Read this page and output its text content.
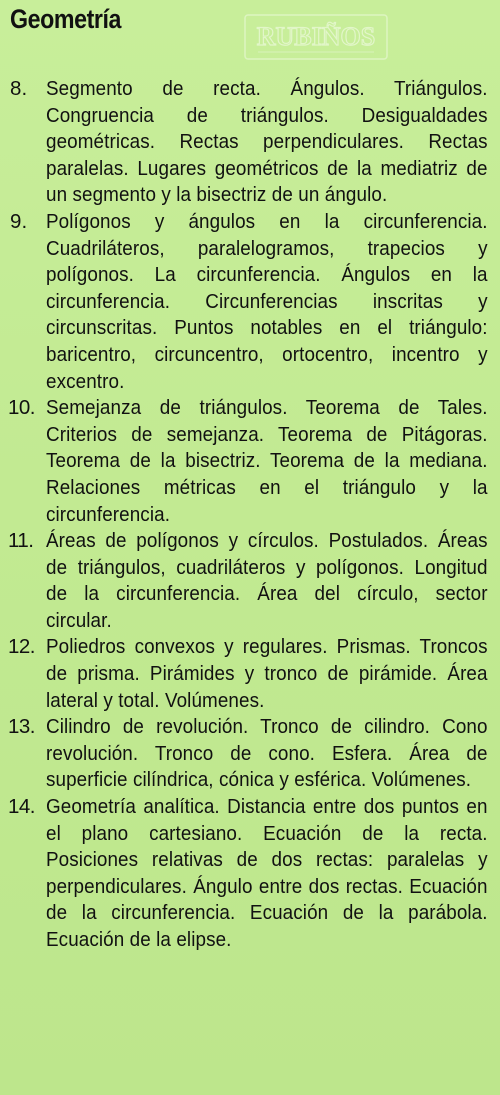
Geometría
RUBIÑOS
8. Segmento de recta. Ángulos. Triángulos. Congruencia de triángulos. Desigualdades geométricas. Rectas perpendiculares. Rectas paralelas. Lugares geométricos de la mediatriz de un segmento y la bisectriz de un ángulo.
9. Polígonos y ángulos en la circunferencia. Cuadriláteros, paralelogramos, trapecios y polígonos. La circunferencia. Ángulos en la circunferencia. Circunferencias inscritas y circunscritas. Puntos notables en el triángulo: baricentro, circuncentro, ortocentro, incentro y excentro.
10. Semejanza de triángulos. Teorema de Tales. Criterios de semejanza. Teorema de Pitágoras. Teorema de la bisectriz. Teorema de la mediana. Relaciones métricas en el triángulo y la circunferencia.
11. Áreas de polígonos y círculos. Postulados. Áreas de triángulos, cuadriláteros y polígonos. Longitud de la circunferencia. Área del círculo, sector circular.
12. Poliedros convexos y regulares. Prismas. Troncos de prisma. Pirámides y tronco de pirámide. Área lateral y total. Volúmenes.
13. Cilindro de revolución. Tronco de cilindro. Cono revolución. Tronco de cono. Esfera. Área de superficie cilíndrica, cónica y esférica. Volúmenes.
14. Geometría analítica. Distancia entre dos puntos en el plano cartesiano. Ecuación de la recta. Posiciones relativas de dos rectas: paralelas y perpendiculares. Ángulo entre dos rectas. Ecuación de la circunferencia. Ecuación de la parábola. Ecuación de la elipse.
